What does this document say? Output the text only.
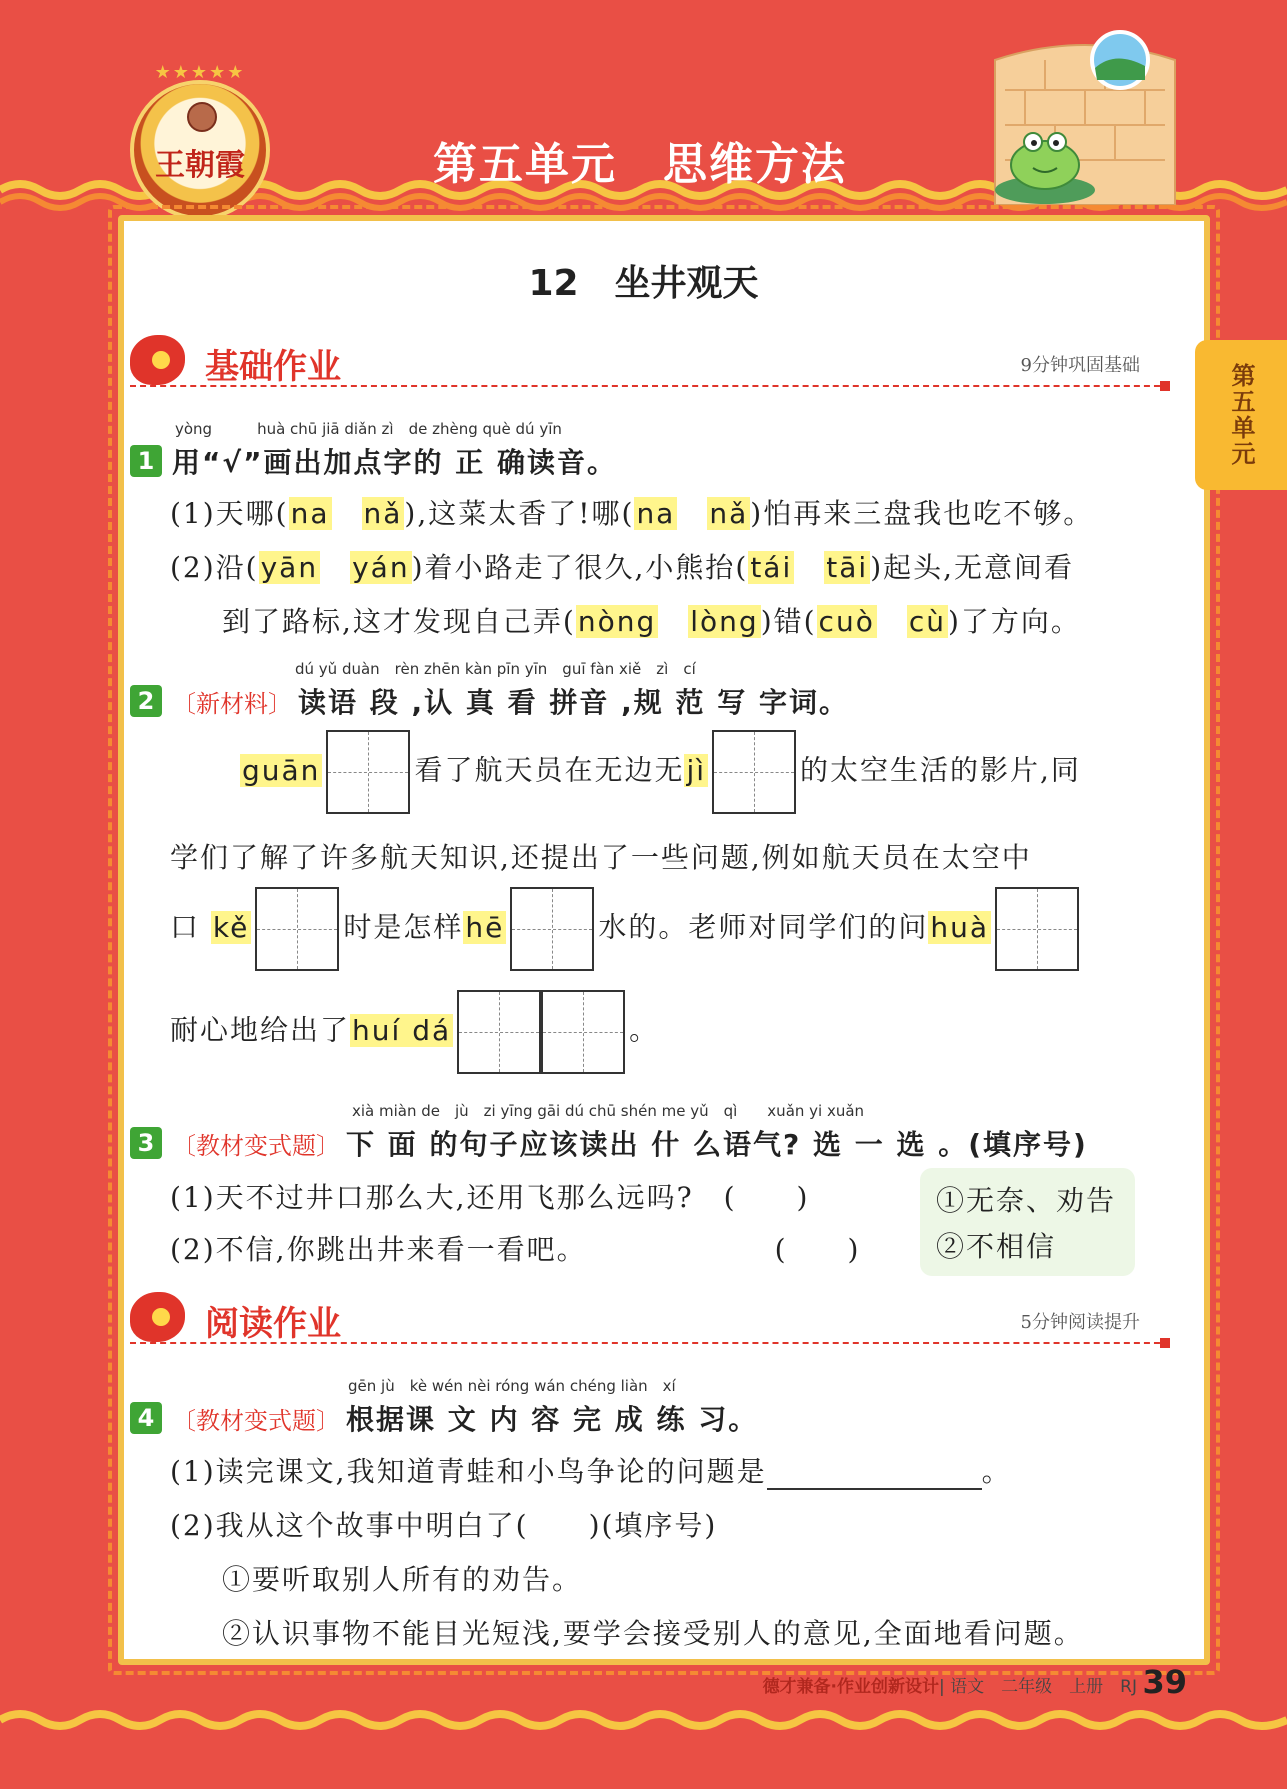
★★★★★
王朝霞	第五单元　思维方法
第五单元
12　坐井观天
基础作业	9分钟巩固基础
yòng　　　huà chū jiā diǎn zì　de zhèng què dú yīn
1 用“√”画出加点字的 正 确读音。
(1)天哪(na　 nǎ),这菜太香了!哪(na　 nǎ)怕再来三盘我也吃不够。
(2)沿(yān　 yán)着小路走了很久,小熊抬(tái　 tāi)起头,无意间看
到了路标,这才发现自己弄(nòng　 lòng)错(cuò　 cù)了方向。
dú yǔ duàn　rèn zhēn kàn pīn yīn　guī fàn xiě　zì　cí
2 〔新材料〕 读语 段 ,认 真 看 拼音 ,规 范 写 字词。
guān	看了航天员在无边无jì	的太空生活的影片,同
学们了解了许多航天知识,还提出了一些问题,例如航天员在太空中
口 kě	时是怎样hē	水的。老师对同学们的问huà
耐心地给出了huí dá	。
xià miàn de　jù　zi yīng gāi dú chū shén me yǔ　qì　　xuǎn yi xuǎn
3 〔教材变式题〕 下 面 的句子应该读出 什 么语气? 选 一 选 。(填序号)
(1)天不过井口那么大,还用飞那么远吗? (　　)
(2)不信,你跳出井来看一看吧。	(　　)
①无奈、劝告
②不相信
阅读作业	5分钟阅读提升
gēn jù　kè wén nèi róng wán chéng liàn　xí
4 〔教材变式题〕 根据课 文 内 容 完 成 练 习。
(1)读完课文,我知道青蛙和小鸟争论的问题是	。
(2)我从这个故事中明白了(　　)(填序号)
①要听取别人所有的劝告。
②认识事物不能目光短浅,要学会接受别人的意见,全面地看问题。
德才兼备·作业创新设计| 语文　二年级　上册　RJ 39
